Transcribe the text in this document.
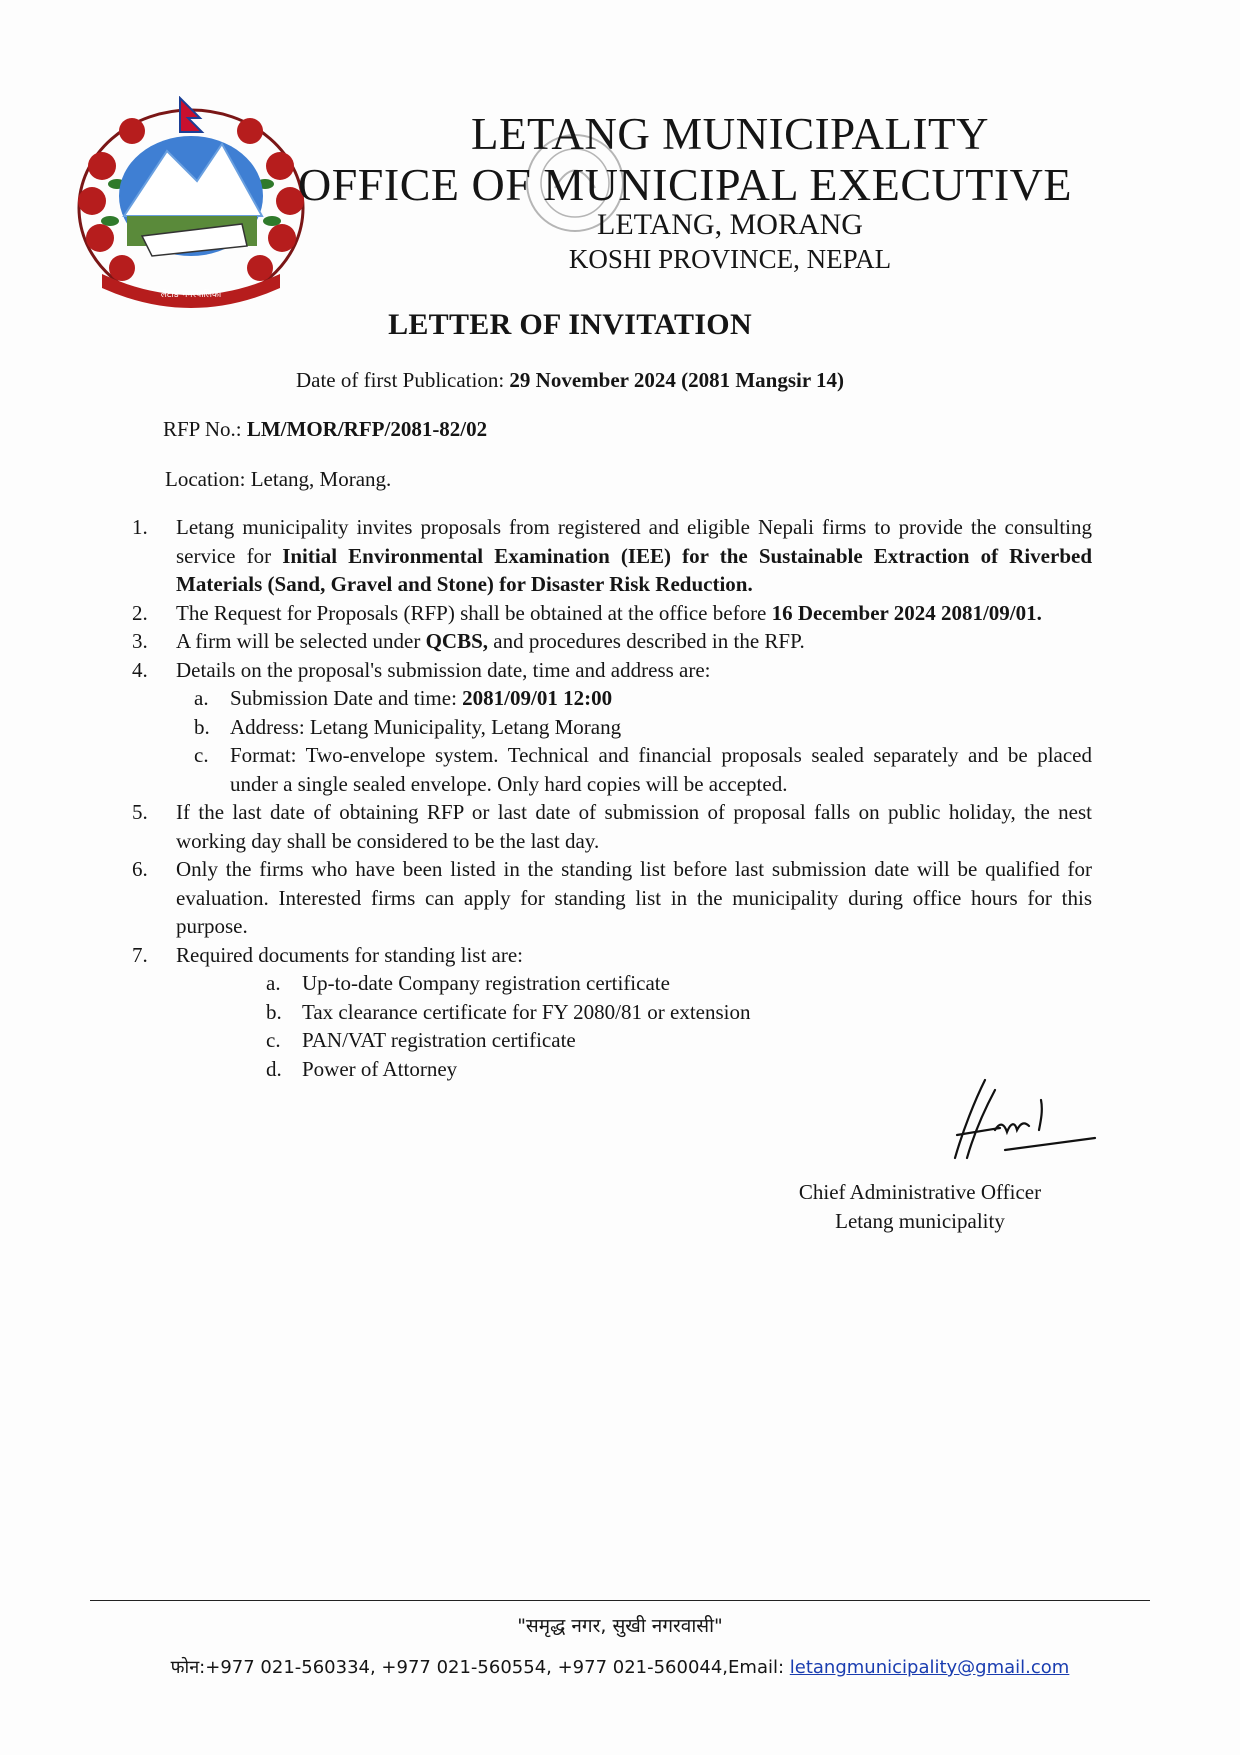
लेटाङ नगरपालिका
LETANG MUNICIPALITY
OFFICE OF MUNICIPAL EXECUTIVE
LETANG, MORANG
KOSHI PROVINCE, NEPAL
LETTER OF INVITATION
Date of first Publication: 29 November 2024 (2081 Mangsir 14)
RFP No.: LM/MOR/RFP/2081-82/02
Location: Letang, Morang.
1.	Letang municipality invites proposals from registered and eligible Nepali firms to provide the consulting service for Initial Environmental Examination (IEE) for the Sustainable Extraction of Riverbed Materials (Sand, Gravel and Stone) for Disaster Risk Reduction.
2.	The Request for Proposals (RFP) shall be obtained at the office before 16 December 2024 2081/09/01.
3.	A firm will be selected under QCBS, and procedures described in the RFP.
4.	Details on the proposal's submission date, time and address are:
a.	Submission Date and time: 2081/09/01 12:00
b. Address: Letang Municipality, Letang Morang
c.	Format: Two-envelope system. Technical and financial proposals sealed separately and be placed under a single sealed envelope. Only hard copies will be accepted.
5.	If the last date of obtaining RFP or last date of submission of proposal falls on public holiday, the nest working day shall be considered to be the last day.
6.	Only the firms who have been listed in the standing list before last submission date will be qualified for evaluation. Interested firms can apply for standing list in the municipality during office hours for this purpose.
7.	Required documents for standing list are:
a.	Up-to-date Company registration certificate
b. Tax clearance certificate for FY 2080/81 or extension
c.	PAN/VAT registration certificate
d. Power of Attorney
Chief Administrative Officer
Letang municipality
"समृद्ध नगर, सुखी नगरवासी"
फोन:+977 021-560334, +977 021-560554, +977 021-560044,Email: letangmunicipality@gmail.com
